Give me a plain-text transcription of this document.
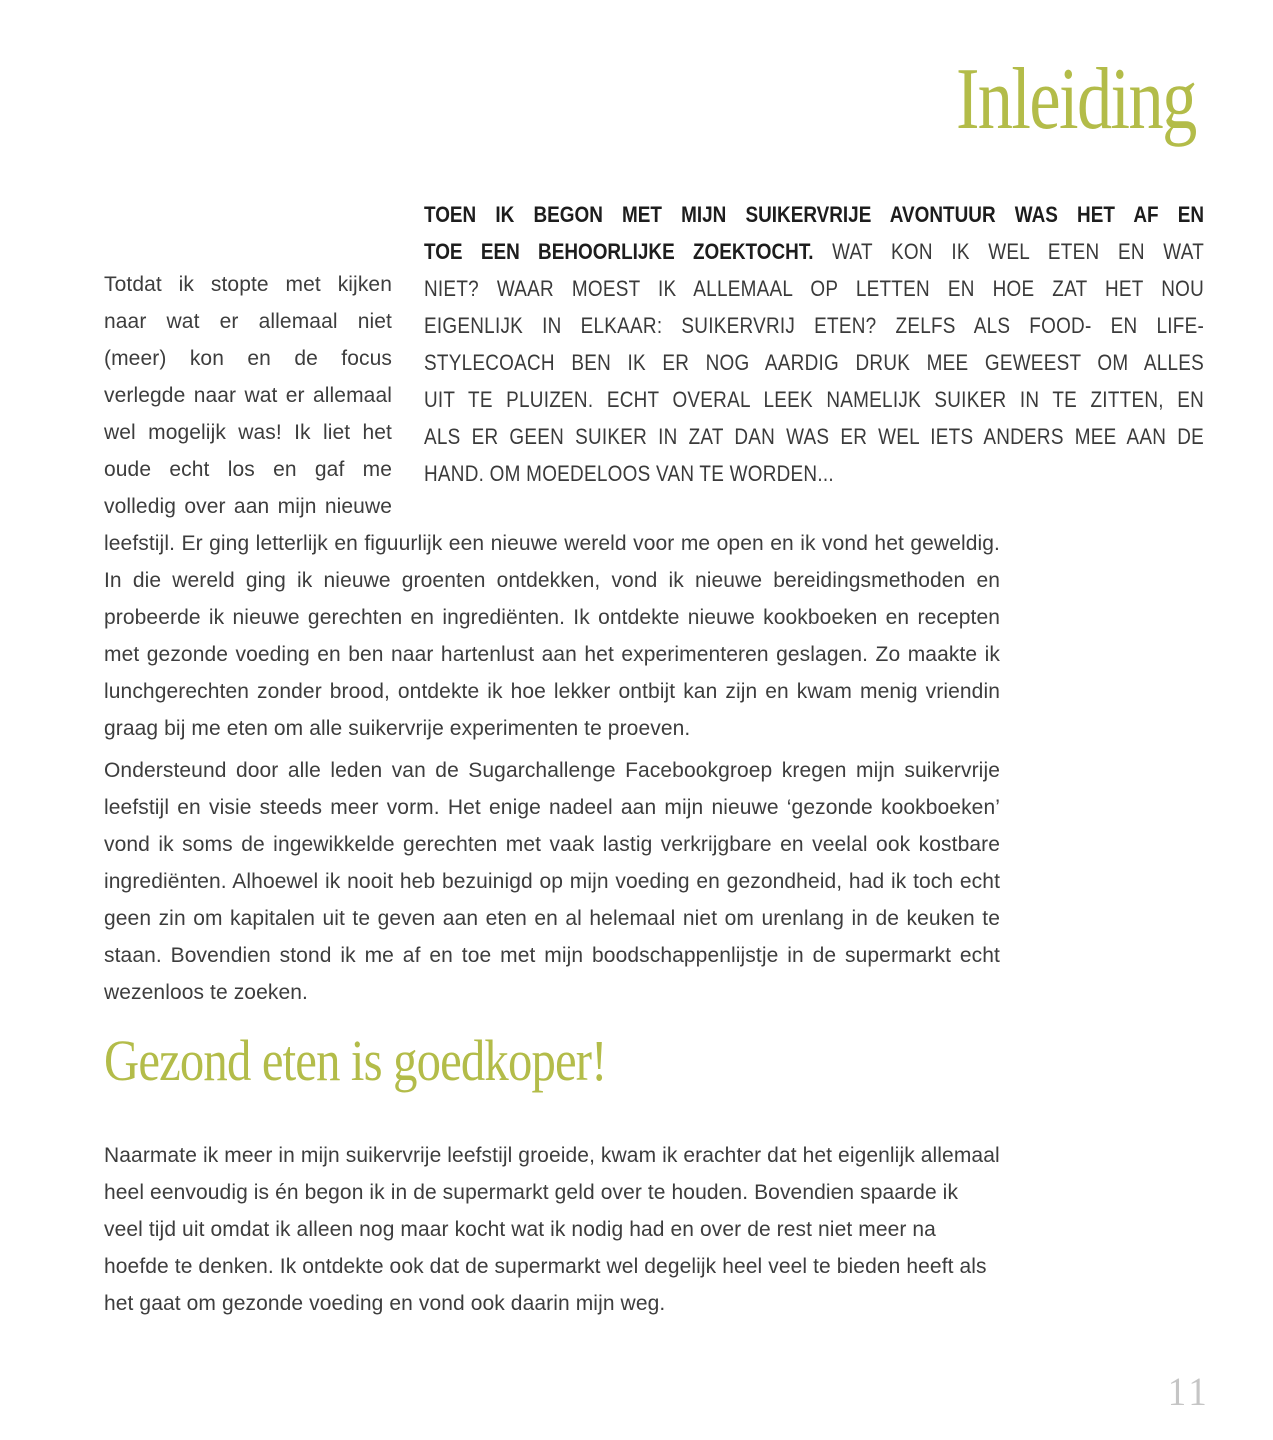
Inleiding
TOEN IK BEGON MET MIJN SUIKERVRIJE AVONTUUR WAS HET AF EN
TOE EEN BEHOORLIJKE ZOEKTOCHT. WAT KON IK WEL ETEN EN WAT
NIET? WAAR MOEST IK ALLEMAAL OP LETTEN EN HOE ZAT HET NOU
EIGENLIJK IN ELKAAR: SUIKERVRIJ ETEN? ZELFS ALS FOOD- EN LIFE-
STYLECOACH BEN IK ER NOG AARDIG DRUK MEE GEWEEST OM ALLES
UIT TE PLUIZEN. ECHT OVERAL LEEK NAMELIJK SUIKER IN TE ZITTEN, EN
ALS ER GEEN SUIKER IN ZAT DAN WAS ER WEL IETS ANDERS MEE AAN DE
HAND. OM MOEDELOOS VAN TE WORDEN...

Totdat ik stopte met kijken naar wat er allemaal niet (meer) kon en de focus verlegde naar wat er allemaal wel mogelijk was! Ik liet het oude echt los en gaf me volledig over aan mijn nieuwe leefstijl. Er ging letterlijk en figuurlijk een nieuwe wereld voor me open en ik vond het geweldig. In die wereld ging ik nieuwe groenten ontdekken, vond ik nieuwe bereidingsmethoden en probeerde ik nieuwe gerechten en ingrediënten. Ik ontdekte nieuwe kookboeken en recepten met gezonde voeding en ben naar hartenlust aan het experimenteren geslagen. Zo maakte ik lunchgerechten zonder brood, ontdekte ik hoe lekker ontbijt kan zijn en kwam menig vriendin graag bij me eten om alle suikervrije experimenten te proeven.

Ondersteund door alle leden van de Sugarchallenge Facebookgroep kregen mijn suikervrije leefstijl en visie steeds meer vorm. Het enige nadeel aan mijn nieuwe ‘gezonde kookboeken’ vond ik soms de ingewikkelde gerechten met vaak lastig verkrijgbare en veelal ook kostbare ingrediënten. Alhoewel ik nooit heb bezuinigd op mijn voeding en gezondheid, had ik toch echt geen zin om kapitalen uit te geven aan eten en al helemaal niet om urenlang in de keuken te staan. Bovendien stond ik me af en toe met mijn boodschappenlijstje in de supermarkt echt wezenloos te zoeken.

Gezond eten is goedkoper!

Naarmate ik meer in mijn suikervrije leefstijl groeide, kwam ik erachter dat het eigenlijk allemaal heel eenvoudig is én begon ik in de supermarkt geld over te houden. Bovendien spaarde ik veel tijd uit omdat ik alleen nog maar kocht wat ik nodig had en over de rest niet meer na hoefde te denken. Ik ontdekte ook dat de supermarkt wel degelijk heel veel te bieden heeft als het gaat om gezonde voeding en vond ook daarin mijn weg.

11
